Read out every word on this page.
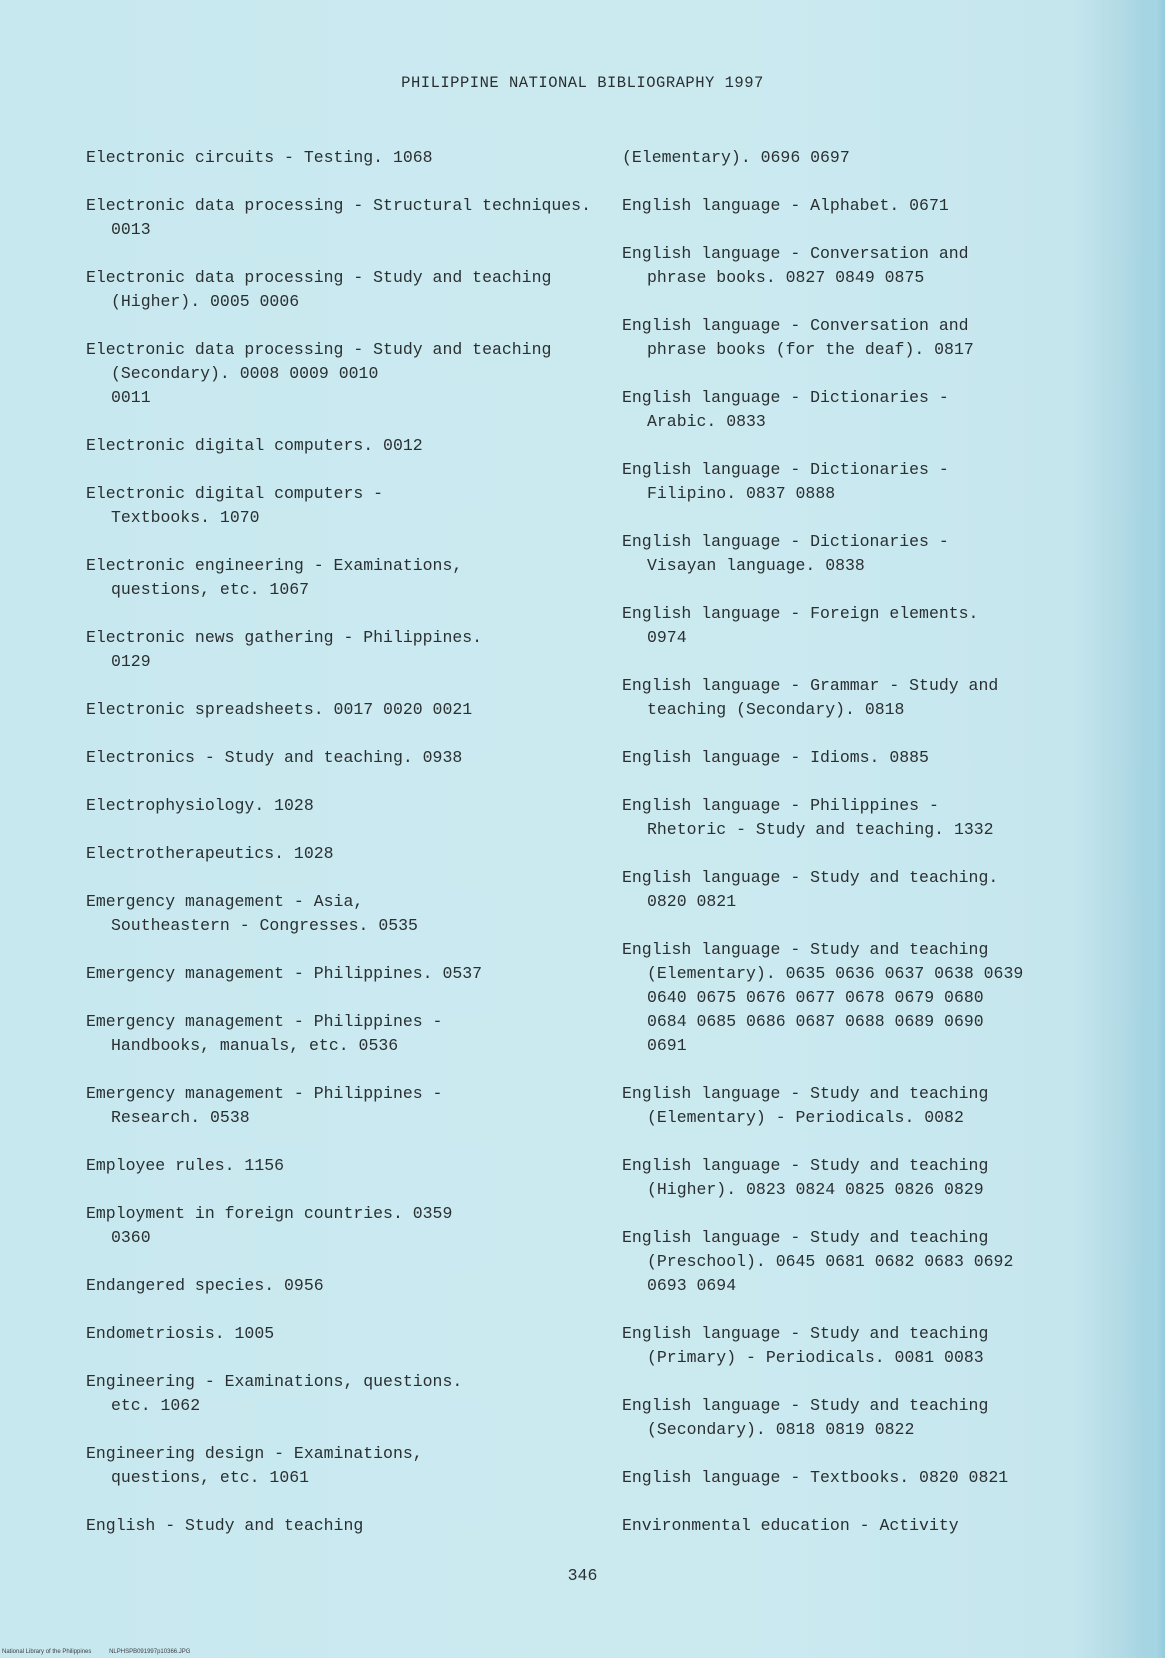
PHILIPPINE NATIONAL BIBLIOGRAPHY 1997

Electronic circuits - Testing. 1068

Electronic data processing - Structural techniques. 0013

Electronic data processing - Study and teaching (Higher). 0005 0006

Electronic data processing - Study and teaching (Secondary). 0008 0009 0010
0011

Electronic digital computers. 0012

Electronic digital computers -
Textbooks. 1070

Electronic engineering - Examinations,
questions, etc. 1067

Electronic news gathering - Philippines.
0129

Electronic spreadsheets. 0017 0020 0021

Electronics - Study and teaching. 0938

Electrophysiology. 1028

Electrotherapeutics. 1028

Emergency management - Asia,
Southeastern - Congresses. 0535

Emergency management - Philippines. 0537

Emergency management - Philippines -
Handbooks, manuals, etc. 0536

Emergency management - Philippines -
Research. 0538

Employee rules. 1156

Employment in foreign countries. 0359
0360

Endangered species. 0956

Endometriosis. 1005

Engineering - Examinations, questions.
etc. 1062

Engineering design - Examinations,
questions, etc. 1061

English - Study and teaching

(Elementary). 0696 0697

English language - Alphabet. 0671

English language - Conversation and
phrase books. 0827 0849 0875

English language - Conversation and
phrase books (for the deaf). 0817

English language - Dictionaries -
Arabic. 0833

English language - Dictionaries -
Filipino. 0837 0888

English language - Dictionaries -
Visayan language. 0838

English language - Foreign elements.
0974

English language - Grammar - Study and
teaching (Secondary). 0818

English language - Idioms. 0885

English language - Philippines -
Rhetoric - Study and teaching. 1332

English language - Study and teaching.
0820 0821

English language - Study and teaching
(Elementary). 0635 0636 0637 0638 0639
0640 0675 0676 0677 0678 0679 0680
0684 0685 0686 0687 0688 0689 0690
0691

English language - Study and teaching
(Elementary) - Periodicals. 0082

English language - Study and teaching
(Higher). 0823 0824 0825 0826 0829

English language - Study and teaching
(Preschool). 0645 0681 0682 0683 0692
0693 0694

English language - Study and teaching
(Primary) - Periodicals. 0081 0083

English language - Study and teaching
(Secondary). 0818 0819 0822

English language - Textbooks. 0820 0821

Environmental education - Activity

346
National Library of the Philippines	NLPHSPB091997p10366.JPG
